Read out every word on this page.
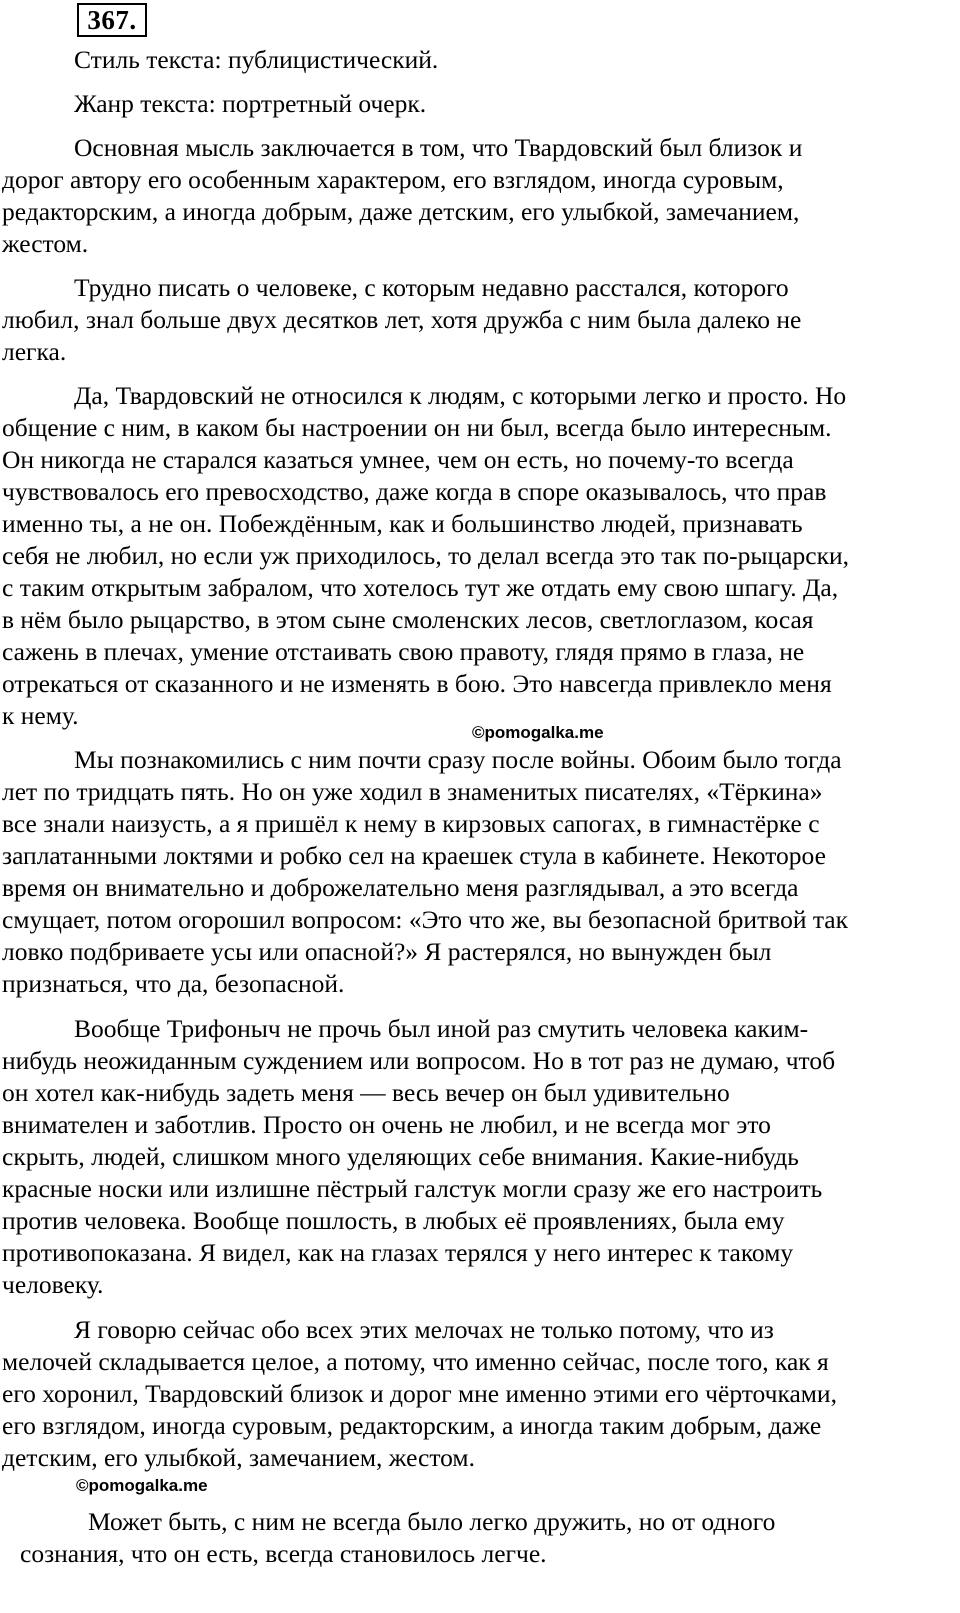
367.
Стиль текста: публицистический.
Жанр текста: портретный очерк.
Основная мысль заключается в том, что Твардовский был близок и
дорог автору его особенным характером, его взглядом, иногда суровым,
редакторским, а иногда добрым, даже детским, его улыбкой, замечанием,
жестом.
Трудно писать о человеке, с которым недавно расстался, которого
любил, знал больше двух десятков лет, хотя дружба с ним была далеко не
легка.
Да, Твардовский не относился к людям, с которыми легко и просто. Но
общение с ним, в каком бы настроении он ни был, всегда было интересным.
Он никогда не старался казаться умнее, чем он есть, но почему-то всегда
чувствовалось его превосходство, даже когда в споре оказывалось, что прав
именно ты, а не он. Побеждённым, как и большинство людей, признавать
себя не любил, но если уж приходилось, то делал всегда это так по-рыцарски,
с таким открытым забралом, что хотелось тут же отдать ему свою шпагу. Да,
в нём было рыцарство, в этом сыне смоленских лесов, светлоглазом, косая
сажень в плечах, умение отстаивать свою правоту, глядя прямо в глаза, не
отрекаться от сказанного и не изменять в бою. Это навсегда привлекло меня
к нему.
©pomogalka.me
Мы познакомились с ним почти сразу после войны. Обоим было тогда
лет по тридцать пять. Но он уже ходил в знаменитых писателях, «Тёркина»
все знали наизусть, а я пришёл к нему в кирзовых сапогах, в гимнастёрке с
заплатанными локтями и робко сел на краешек стула в кабинете. Некоторое
время он внимательно и доброжелательно меня разглядывал, а это всегда
смущает, потом огорошил вопросом: «Это что же, вы безопасной бритвой так
ловко подбриваете усы или опасной?» Я растерялся, но вынужден был
признаться, что да, безопасной.
Вообще Трифоныч не прочь был иной раз смутить человека каким-
нибудь неожиданным суждением или вопросом. Но в тот раз не думаю, чтоб
он хотел как-нибудь задеть меня — весь вечер он был удивительно
внимателен и заботлив. Просто он очень не любил, и не всегда мог это
скрыть, людей, слишком много уделяющих себе внимания. Какие-нибудь
красные носки или излишне пёстрый галстук могли сразу же его настроить
против человека. Вообще пошлость, в любых её проявлениях, была ему
противопоказана. Я видел, как на глазах терялся у него интерес к такому
человеку.
Я говорю сейчас обо всех этих мелочах не только потому, что из
мелочей складывается целое, а потому, что именно сейчас, после того, как я
его хоронил, Твардовский близок и дорог мне именно этими его чёрточками,
его взглядом, иногда суровым, редакторским, а иногда таким добрым, даже
детским, его улыбкой, замечанием, жестом.
©pomogalka.me
Может быть, с ним не всегда было легко дружить, но от одного
сознания, что он есть, всегда становилось легче.
